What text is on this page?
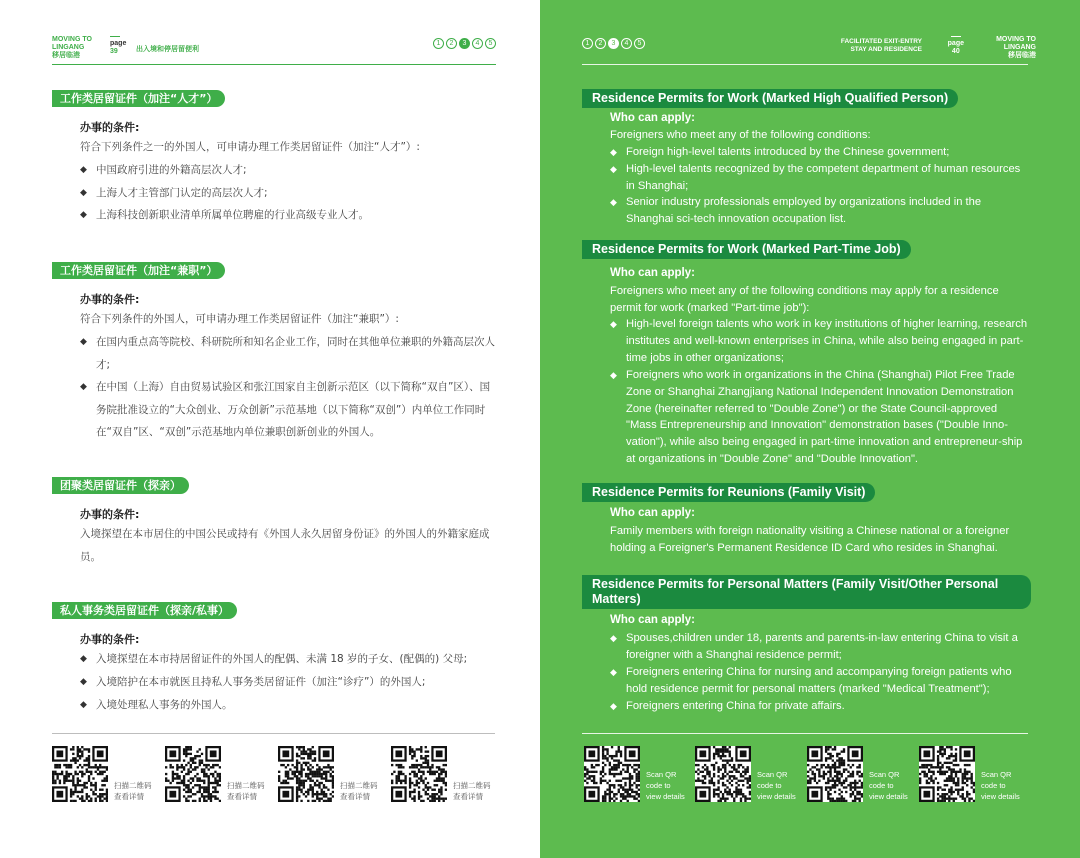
MOVING TO
LINGANG
移居临港
page
39	出入境和停居留便利
1	2	3	4	5
工作类居留证件（加注“人才”）
办事的条件:
符合下列条件之一的外国人，可申请办理工作类居留证件（加注“人才”）:
◆ 中国政府引进的外籍高层次人才;
◆ 上海人才主管部门认定的高层次人才;
◆ 上海科技创新职业清单所属单位聘雇的行业高级专业人才。
工作类居留证件（加注“兼职”）
办事的条件:
符合下列条件的外国人，可申请办理工作类居留证件（加注“兼职”）:
◆ 在国内重点高等院校、科研院所和知名企业工作，同时在其他单位兼职的外籍高层次人才;
◆ 在中国（上海）自由贸易试验区和张江国家自主创新示范区（以下简称“双自”区）、国务院批准设立的“大众创业、万众创新”示范基地（以下简称“双创”）内单位工作同时在“双自”区、“双创”示范基地内单位兼职创新创业的外国人。
团聚类居留证件（探亲）
办事的条件:
入境探望在本市居住的中国公民或持有《外国人永久居留身份证》的外国人的外籍家庭成员。
私人事务类居留证件（探亲/私事）
办事的条件:
◆ 入境探望在本市持居留证件的外国人的配偶、未满 18 岁的子女、(配偶的) 父母;
◆ 入境陪护在本市就医且持私人事务类居留证件（加注“诊疗”）的外国人;
◆ 入境处理私人事务的外国人。
1	2	3	4	5	FACILITATED EXIT-ENTRY
STAY AND RESIDENCE
page
40
MOVING TO
LINGANG
移居临港
Residence Permits for Work (Marked High Qualified Person)
Who can apply:
Foreigners who meet any of the following conditions:
◆ Foreign high-level talents introduced by the Chinese government;
◆ High-level talents recognized by the competent department of human resources in Shanghai;
◆ Senior industry professionals employed by organizations included in the Shanghai sci-tech innovation occupation list.
Residence Permits for Work (Marked Part-Time Job)
Who can apply:
Foreigners who meet any of the following conditions may apply for a residence permit for work (marked "Part-time job"):
◆ High-level foreign talents who work in key institutions of higher learning, research institutes and well-known enterprises in China, while also being engaged in part-time jobs in other organizations;
◆ Foreigners who work in organizations in the China (Shanghai) Pilot Free Trade Zone or Shanghai Zhangjiang National Independent Innovation Demonstration Zone (hereinafter referred to "Double Zone") or the State Council-approved "Mass Entrepreneurship and Innovation" demonstration bases ("Double Inno-vation"), while also being engaged in part-time innovation and entrepreneur-ship at organizations in "Double Zone" and "Double Innovation".
Residence Permits for Reunions (Family Visit)
Who can apply:
Family members with foreign nationality visiting a Chinese national or a foreigner holding a Foreigner's Permanent Residence ID Card who resides in Shanghai.
Residence Permits for Personal Matters (Family Visit/Other Personal Matters)
Who can apply:
◆ Spouses,children under 18, parents and parents-in-law entering China to visit a foreigner with a Shanghai residence permit;
◆ Foreigners entering China for nursing and accompanying foreign patients who hold residence permit for personal matters (marked "Medical Treatment");
◆ Foreigners entering China for private affairs.
扫描二维码
查看详情
扫描二维码
查看详情
扫描二维码
查看详情
扫描二维码
查看详情
Scan QR
code to
view details
Scan QR
code to
view details
Scan QR
code to
view details
Scan QR
code to
view details
